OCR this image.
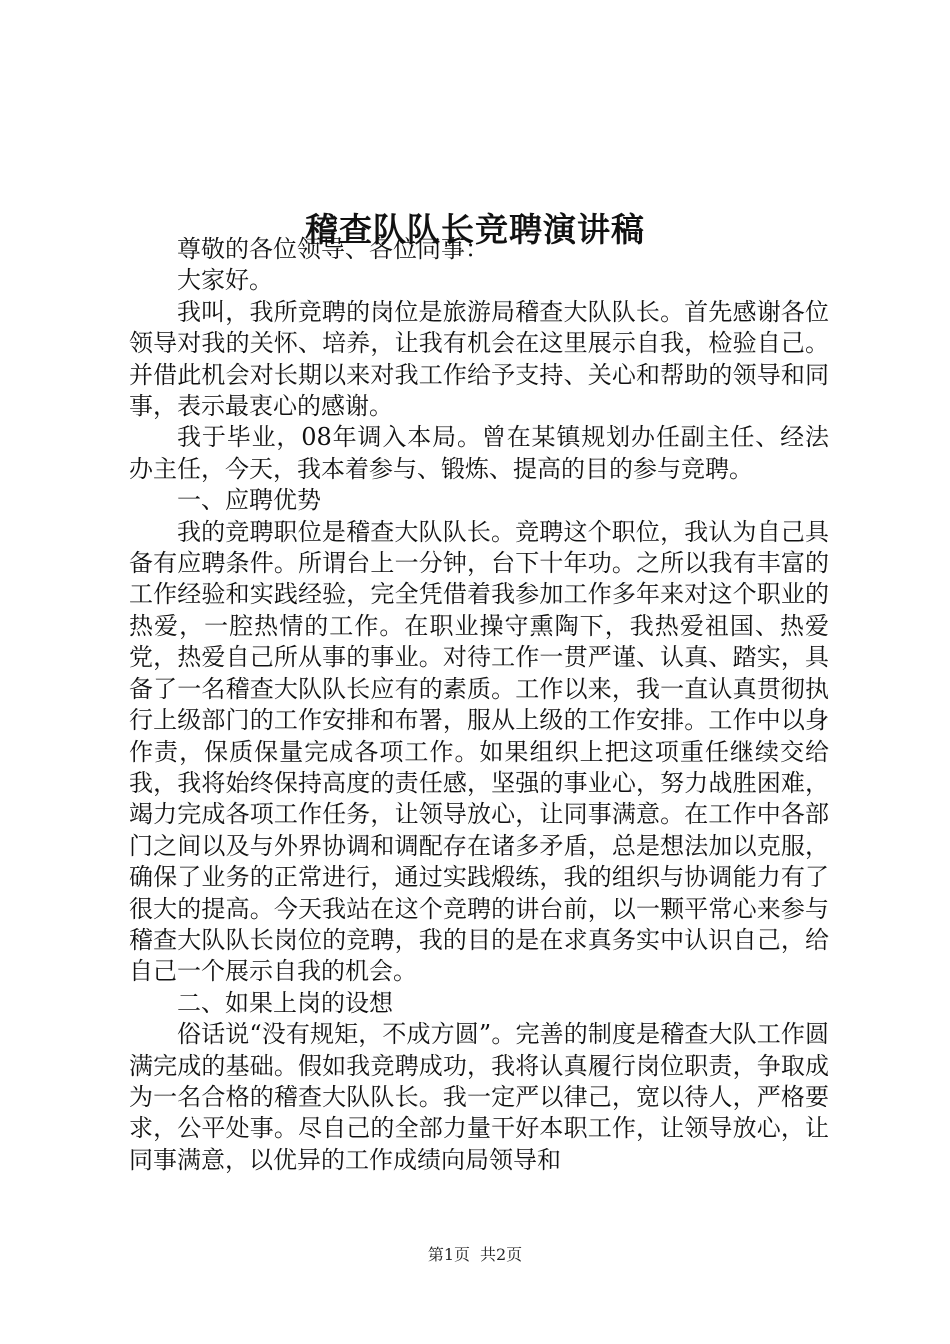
稽查队队长竞聘演讲稿

尊敬的各位领导、各位同事：

大家好。

我叫，我所竞聘的岗位是旅游局稽查大队队长。首先感谢各位领导对我的关怀、培养，让我有机会在这里展示自我，检验自己。并借此机会对长期以来对我工作给予支持、关心和帮助的领导和同事，表示最衷心的感谢。

我于毕业，08年调入本局。曾在某镇规划办任副主任、经法办主任，今天，我本着参与、锻炼、提高的目的参与竞聘。

一、应聘优势

我的竞聘职位是稽查大队队长。竞聘这个职位，我认为自己具备有应聘条件。所谓台上一分钟，台下十年功。之所以我有丰富的工作经验和实践经验，完全凭借着我参加工作多年来对这个职业的热爱，一腔热情的工作。在职业操守熏陶下，我热爱祖国、热爱党，热爱自己所从事的事业。对待工作一贯严谨、认真、踏实，具备了一名稽查大队队长应有的素质。工作以来，我一直认真贯彻执行上级部门的工作安排和布署，服从上级的工作安排。工作中以身作责，保质保量完成各项工作。如果组织上把这项重任继续交给我，我将始终保持高度的责任感，坚强的事业心，努力战胜困难，竭力完成各项工作任务，让领导放心，让同事满意。在工作中各部门之间以及与外界协调和调配存在诸多矛盾，总是想法加以克服，确保了业务的正常进行，通过实践煅练，我的组织与协调能力有了很大的提高。今天我站在这个竞聘的讲台前，以一颗平常心来参与稽查大队队长岗位的竞聘，我的目的是在求真务实中认识自己，给自己一个展示自我的机会。

二、如果上岗的设想

俗话说“没有规矩，不成方圆”。完善的制度是稽查大队工作圆满完成的基础。假如我竞聘成功，我将认真履行岗位职责，争取成为一名合格的稽查大队队长。我一定严以律己，宽以待人，严格要求，公平处事。尽自己的全部力量干好本职工作，让领导放心，让同事满意，以优异的工作成绩向局领导和

第1页 共2页
